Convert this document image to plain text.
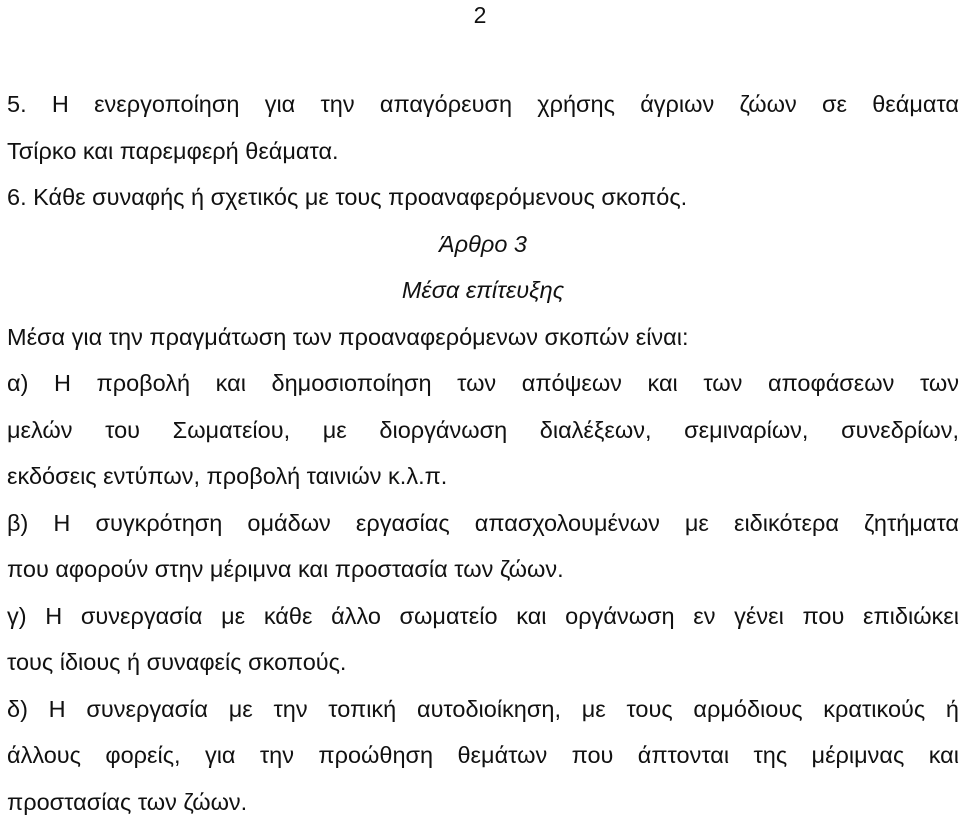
2
5. Η ενεργοποίηση για την απαγόρευση χρήσης άγριων ζώων σε θεάματα
Τσίρκο και παρεμφερή θεάματα.
6. Κάθε συναφής ή σχετικός με τους προαναφερόμενους σκοπός.
Άρθρο 3
Μέσα επίτευξης
Μέσα για την πραγμάτωση των προαναφερόμενων σκοπών είναι:
α) Η προβολή και δημοσιοποίηση των απόψεων και των αποφάσεων των
μελών του Σωματείου, με διοργάνωση διαλέξεων, σεμιναρίων, συνεδρίων,
εκδόσεις εντύπων, προβολή ταινιών κ.λ.π.
β) Η συγκρότηση ομάδων εργασίας απασχολουμένων με ειδικότερα ζητήματα
που αφορούν στην μέριμνα και προστασία των ζώων.
γ) Η συνεργασία με κάθε άλλο σωματείο και οργάνωση εν γένει που επιδιώκει
τους ίδιους ή συναφείς σκοπούς.
δ) Η συνεργασία με την τοπική αυτοδιοίκηση, με τους αρμόδιους κρατικούς ή
άλλους φορείς, για την προώθηση θεμάτων που άπτονται της μέριμνας και
προστασίας των ζώων.
